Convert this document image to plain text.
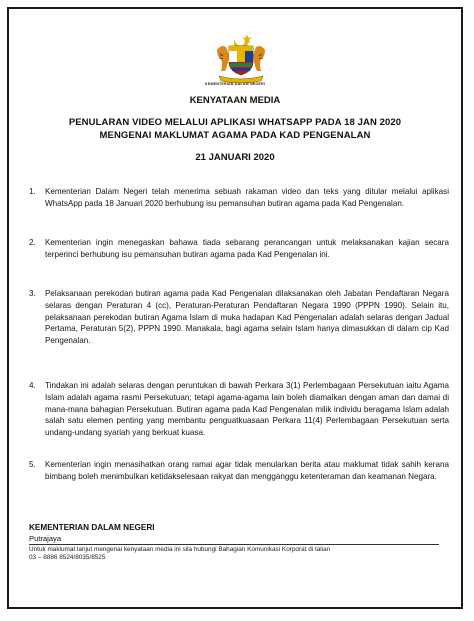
KEMENTERIAN DALAM NEGERI
KENYATAAN MEDIA
PENULARAN VIDEO MELALUI APLIKASI WHATSAPP PADA 18 JAN 2020
MENGENAI MAKLUMAT AGAMA PADA KAD PENGENALAN
21 JANUARI 2020
1. Kementerian Dalam Negeri telah menerima sebuah rakaman video dan teks yang ditular melalui aplikasi WhatsApp pada 18 Januari 2020 berhubung isu pemansuhan butiran agama pada Kad Pengenalan.
2. Kementerian ingin menegaskan bahawa tiada sebarang perancangan untuk melaksanakan kajian secara terperinci berhubung isu pemansuhan butiran agama pada Kad Pengenalan ini.
3. Pelaksanaan perekodan butiran agama pada Kad Pengenalan dilaksanakan oleh Jabatan Pendaftaran Negara selaras dengan Peraturan 4 (cc), Peraturan-Peraturan Pendaftaran Negara 1990 (PPPN 1990). Selain itu, pelaksanaan perekodan butiran Agama Islam di muka hadapan Kad Pengenalan adalah selaras dengan Jadual Pertama, Peraturan 5(2), PPPN 1990. Manakala, bagi agama selain Islam hanya dimasukkan di dalam cip Kad Pengenalan.
4. Tindakan ini adalah selaras dengan peruntukan di bawah Perkara 3(1) Perlembagaan Persekutuan iaitu Agama Islam adalah agama rasmi Persekutuan; tetapi agama-agama lain boleh diamalkan dengan aman dan damai di mana-mana bahagian Persekutuan. Butiran agama pada Kad Pengenalan milik individu beragama Islam adalah salah satu elemen penting yang membantu penguatkuasaan Perkara 11(4) Perlembagaan Persekutuan serta undang-undang syariah yang berkuat kuasa.
5. Kementerian ingin menasihatkan orang ramai agar tidak menularkan berita atau maklumat tidak sahih kerana bimbang boleh menimbulkan ketidakselesaan rakyat dan mengganggu ketenteraman dan keamanan Negara.
KEMENTERIAN DALAM NEGERI
Putrajaya
Untuk maklumat lanjut mengenai kenyataan media ini sila hubungi Bahagian Komunikasi Korporat di talian
03 – 8886 8524/8035/8525
